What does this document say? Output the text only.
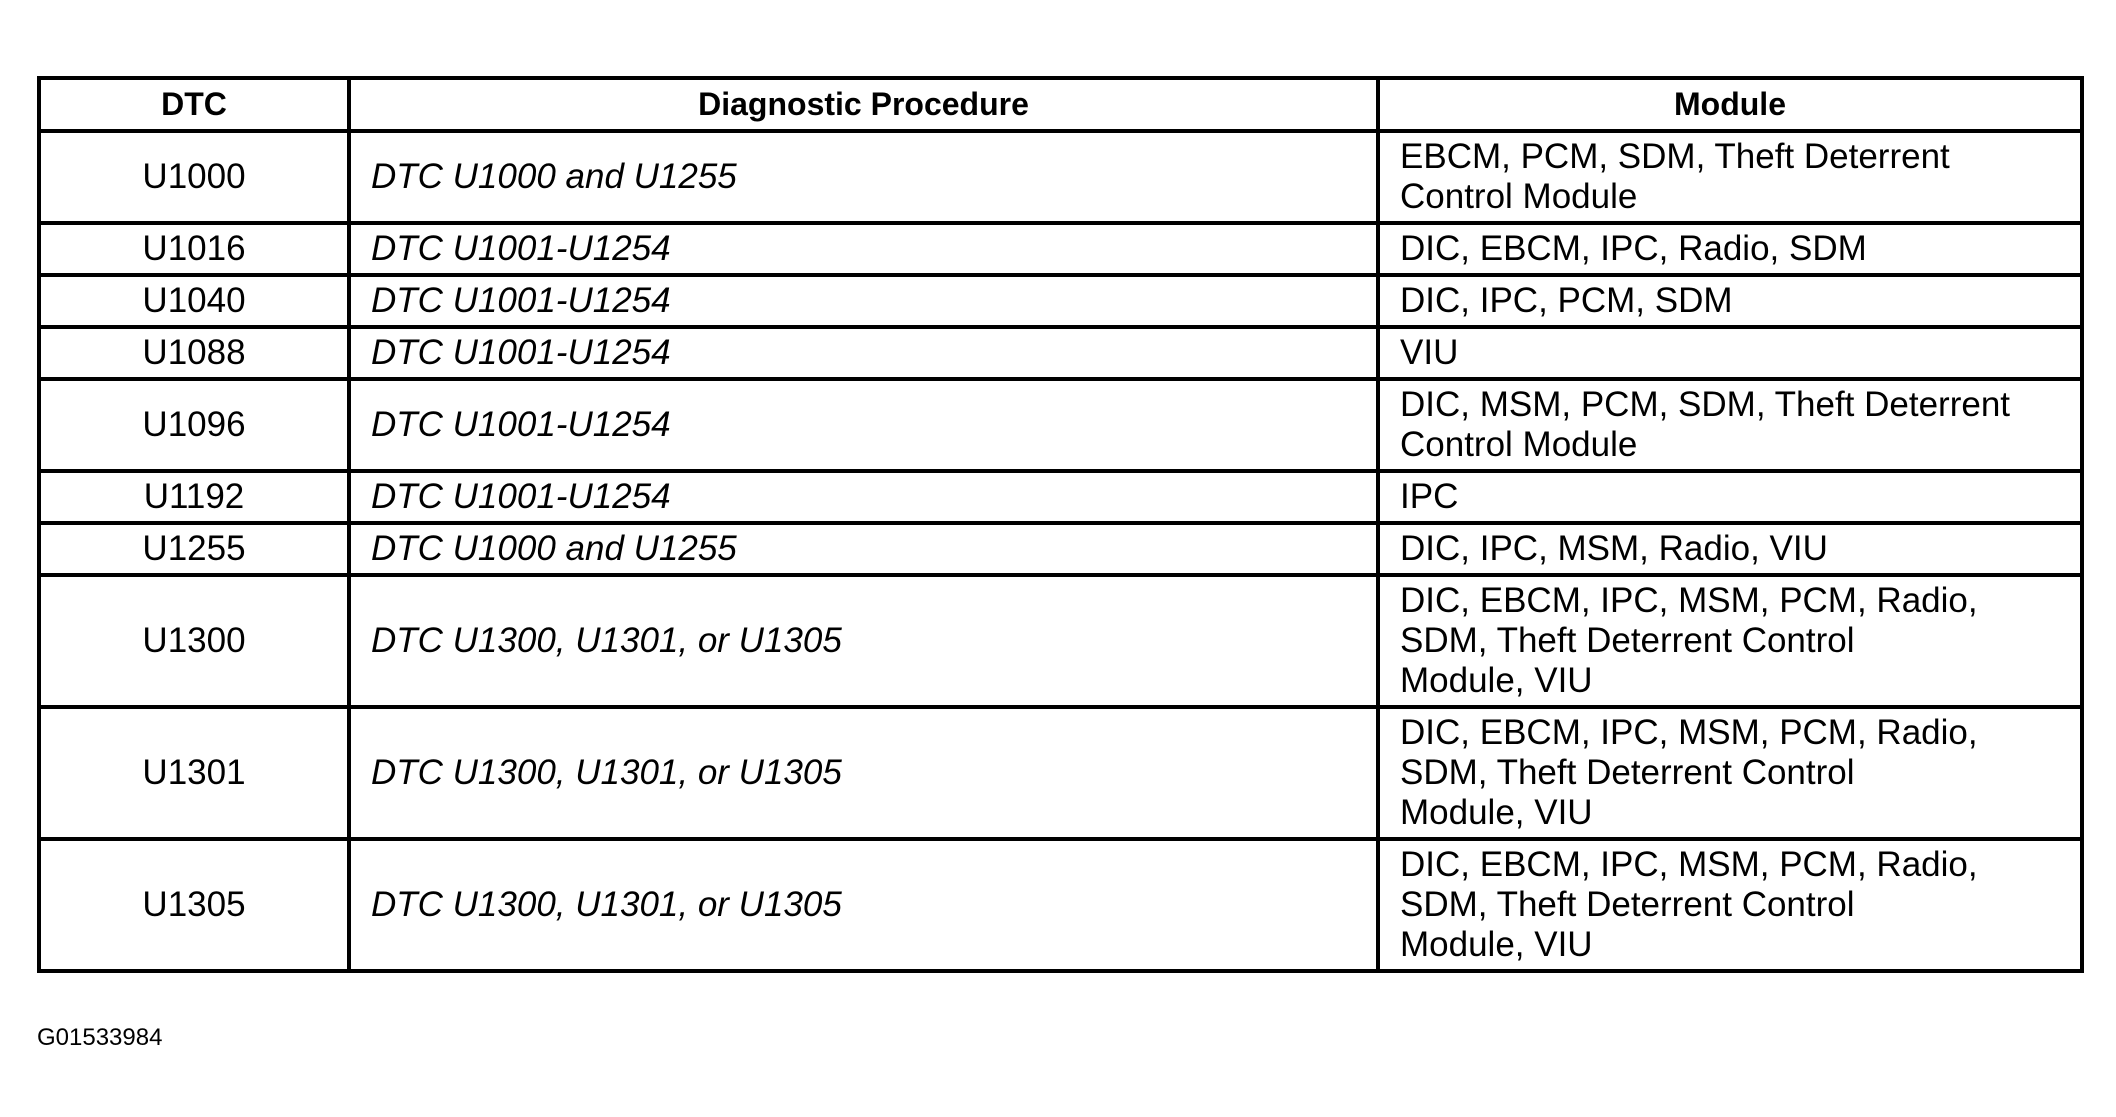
DTC	Diagnostic Procedure	Module
U1000	DTC U1000 and U1255	EBCM, PCM, SDM, Theft Deterrent
Control Module

U1016	DTC U1001-U1254	DIC, EBCM, IPC, Radio, SDM

U1040	DTC U1001-U1254	DIC, IPC, PCM, SDM

U1088	DTC U1001-U1254	VIU

U1096	DTC U1001-U1254	DIC, MSM, PCM, SDM, Theft Deterrent
Control Module

U1192	DTC U1001-U1254	IPC

U1255	DTC U1000 and U1255	DIC, IPC, MSM, Radio, VIU

U1300	DTC U1300, U1301, or U1305	DIC, EBCM, IPC, MSM, PCM, Radio,
SDM, Theft Deterrent Control
Module, VIU

U1301	DTC U1300, U1301, or U1305	DIC, EBCM, IPC, MSM, PCM, Radio,
SDM, Theft Deterrent Control
Module, VIU

U1305	DTC U1300, U1301, or U1305	DIC, EBCM, IPC, MSM, PCM, Radio,
SDM, Theft Deterrent Control
Module, VIU
G01533984
